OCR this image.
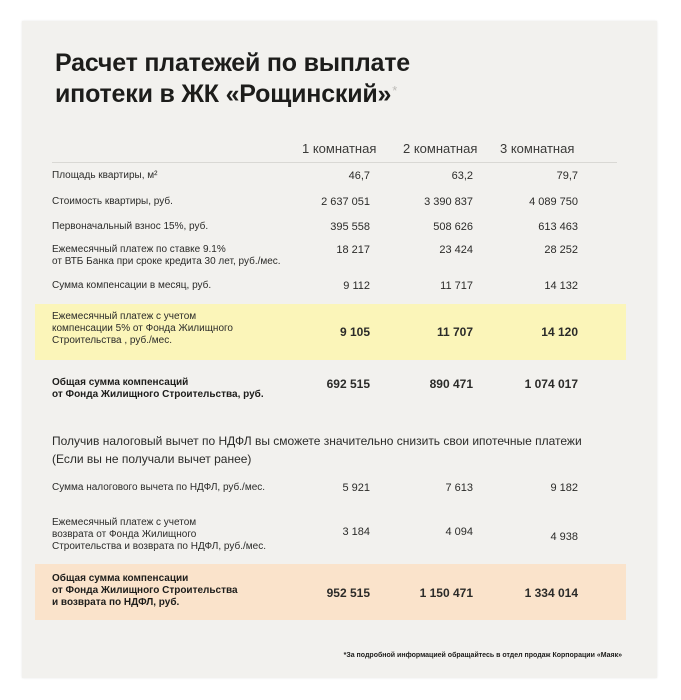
Расчет платежей по выплате
ипотеки в ЖК «Рощинский»*
1 комнатная 2 комнатная 3 комнатная
Площадь квартиры, м²	46,7	63,2	79,7
Стоимость квартиры, руб.	2 637 051	3 390 837	4 089 750
Первоначальный взнос 15%, руб.	395 558	508 626	613 463
Ежемесячный платеж по ставке 9.1%
от ВТБ Банка при сроке кредита 30 лет, руб./мес.
18 217	23 424	28 252
Сумма компенсации в месяц, руб.	9 112	11 717	14 132
Ежемесячный платеж с учетом
компенсации 5% от Фонда Жилищного
Строительства , руб./мес.
9 105	11 707	14 120
Общая сумма компенсаций
от Фонда Жилищного Строительства, руб.
692 515	890 471	1 074 017

Получив налоговый вычет по НДФЛ вы сможете значительно снизить свои ипотечные платежи (Если вы не получали вычет ранее)

Сумма налогового вычета по НДФЛ, руб./мес.	5 921	7 613	9 182
Ежемесячный платеж с учетом
возврата от Фонда Жилищного
Строительства и возврата по НДФЛ, руб./мес.
3 184	4 094	4 938
Общая сумма компенсации
от Фонда Жилищного Строительства
и возврата по НДФЛ, руб.
952 515	1 150 471	1 334 014
*За подробной информацией обращайтесь в отдел продаж Корпорации «Маяк»
